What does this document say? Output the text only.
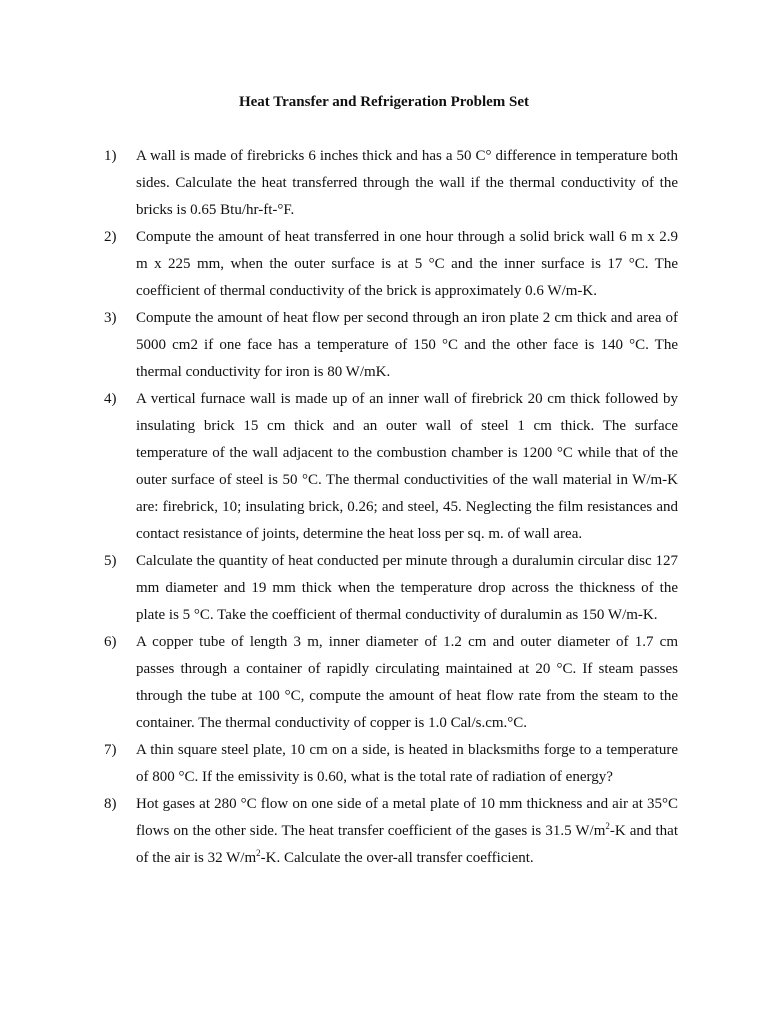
Heat Transfer and Refrigeration Problem Set
1) A wall is made of firebricks 6 inches thick and has a 50 C° difference in temperature both sides. Calculate the heat transferred through the wall if the thermal conductivity of the bricks is 0.65 Btu/hr-ft-°F.
2) Compute the amount of heat transferred in one hour through a solid brick wall 6 m x 2.9 m x 225 mm, when the outer surface is at 5 °C and the inner surface is 17 °C. The coefficient of thermal conductivity of the brick is approximately 0.6 W/m-K.
3) Compute the amount of heat flow per second through an iron plate 2 cm thick and area of 5000 cm2 if one face has a temperature of 150 °C and the other face is 140 °C. The thermal conductivity for iron is 80 W/mK.
4) A vertical furnace wall is made up of an inner wall of firebrick 20 cm thick followed by insulating brick 15 cm thick and an outer wall of steel 1 cm thick. The surface temperature of the wall adjacent to the combustion chamber is 1200 °C while that of the outer surface of steel is 50 °C. The thermal conductivities of the wall material in W/m-K are: firebrick, 10; insulating brick, 0.26; and steel, 45. Neglecting the film resistances and contact resistance of joints, determine the heat loss per sq. m. of wall area.
5) Calculate the quantity of heat conducted per minute through a duralumin circular disc 127 mm diameter and 19 mm thick when the temperature drop across the thickness of the plate is 5 °C. Take the coefficient of thermal conductivity of duralumin as 150 W/m-K.
6) A copper tube of length 3 m, inner diameter of 1.2 cm and outer diameter of 1.7 cm passes through a container of rapidly circulating maintained at 20 °C. If steam passes through the tube at 100 °C, compute the amount of heat flow rate from the steam to the container. The thermal conductivity of copper is 1.0 Cal/s.cm.°C.
7) A thin square steel plate, 10 cm on a side, is heated in blacksmiths forge to a temperature of 800 °C. If the emissivity is 0.60, what is the total rate of radiation of energy?
8) Hot gases at 280 °C flow on one side of a metal plate of 10 mm thickness and air at 35°C flows on the other side. The heat transfer coefficient of the gases is 31.5 $W/m^2-K$ and that of the air is 32 $W/m^2-K$. Calculate the over-all transfer coefficient.
